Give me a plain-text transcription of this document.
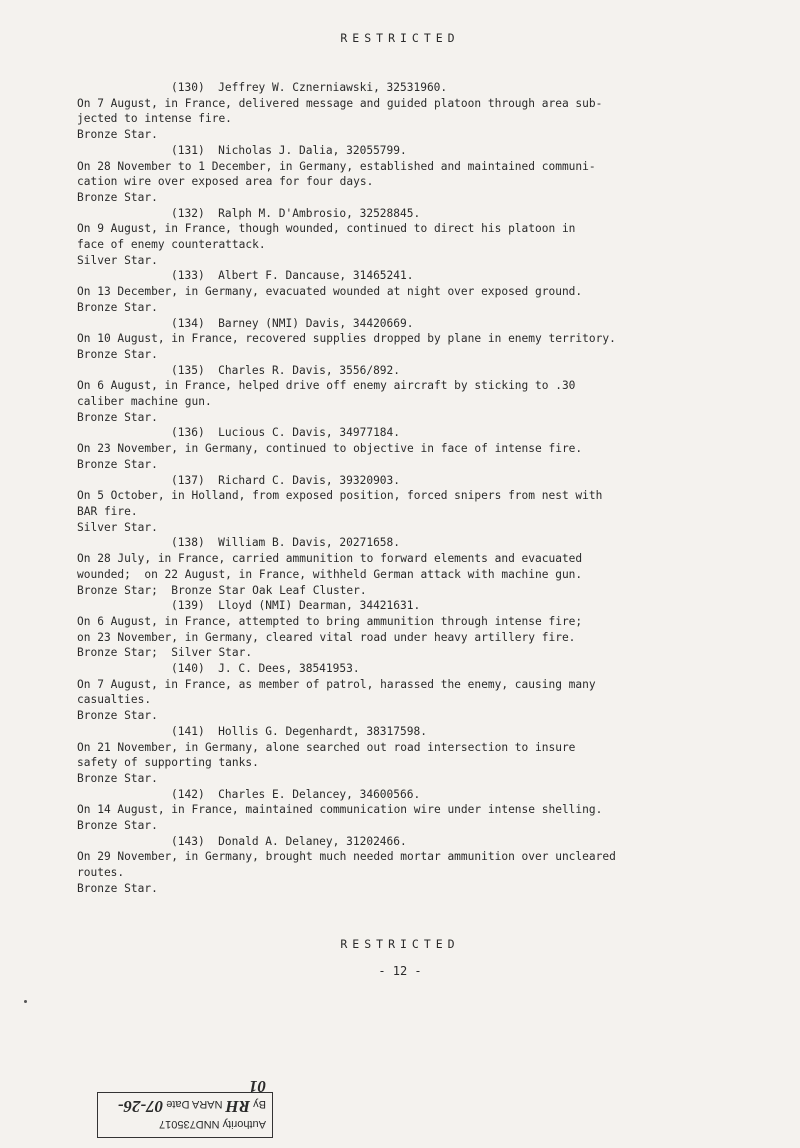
RESTRICTED
(130)  Jeffrey W. Cznerniawski, 32531960.
On 7 August, in France, delivered message and guided platoon through area sub-
jected to intense fire.
Bronze Star.
(131)  Nicholas J. Dalia, 32055799.
On 28 November to 1 December, in Germany, established and maintained communi-
cation wire over exposed area for four days.
Bronze Star.
(132)  Ralph M. D'Ambrosio, 32528845.
On 9 August, in France, though wounded, continued to direct his platoon in
face of enemy counterattack.
Silver Star.
(133)  Albert F. Dancause, 31465241.
On 13 December, in Germany, evacuated wounded at night over exposed ground.
Bronze Star.
(134)  Barney (NMI) Davis, 34420669.
On 10 August, in France, recovered supplies dropped by plane in enemy territory.
Bronze Star.
(135)  Charles R. Davis, 3556/892.
On 6 August, in France, helped drive off enemy aircraft by sticking to .30
caliber machine gun.
Bronze Star.
(136)  Lucious C. Davis, 34977184.
On 23 November, in Germany, continued to objective in face of intense fire.
Bronze Star.
(137)  Richard C. Davis, 39320903.
On 5 October, in Holland, from exposed position, forced snipers from nest with
BAR fire.
Silver Star.
(138)  William B. Davis, 20271658.
On 28 July, in France, carried ammunition to forward elements and evacuated
wounded;  on 22 August, in France, withheld German attack with machine gun.
Bronze Star;  Bronze Star Oak Leaf Cluster.
(139)  Lloyd (NMI) Dearman, 34421631.
On 6 August, in France, attempted to bring ammunition through intense fire;
on 23 November, in Germany, cleared vital road under heavy artillery fire.
Bronze Star;  Silver Star.
(140)  J. C. Dees, 38541953.
On 7 August, in France, as member of patrol, harassed the enemy, causing many
casualties.
Bronze Star.
(141)  Hollis G. Degenhardt, 38317598.
On 21 November, in Germany, alone searched out road intersection to insure
safety of supporting tanks.
Bronze Star.
(142)  Charles E. Delancey, 34600566.
On 14 August, in France, maintained communication wire under intense shelling.
Bronze Star.
(143)  Donald A. Delaney, 31202466.
On 29 November, in Germany, brought much needed mortar ammunition over uncleared
routes.
Bronze Star.
RESTRICTED
- 12 -
Authority NND735017
By RH NARA Date 07-26-01
